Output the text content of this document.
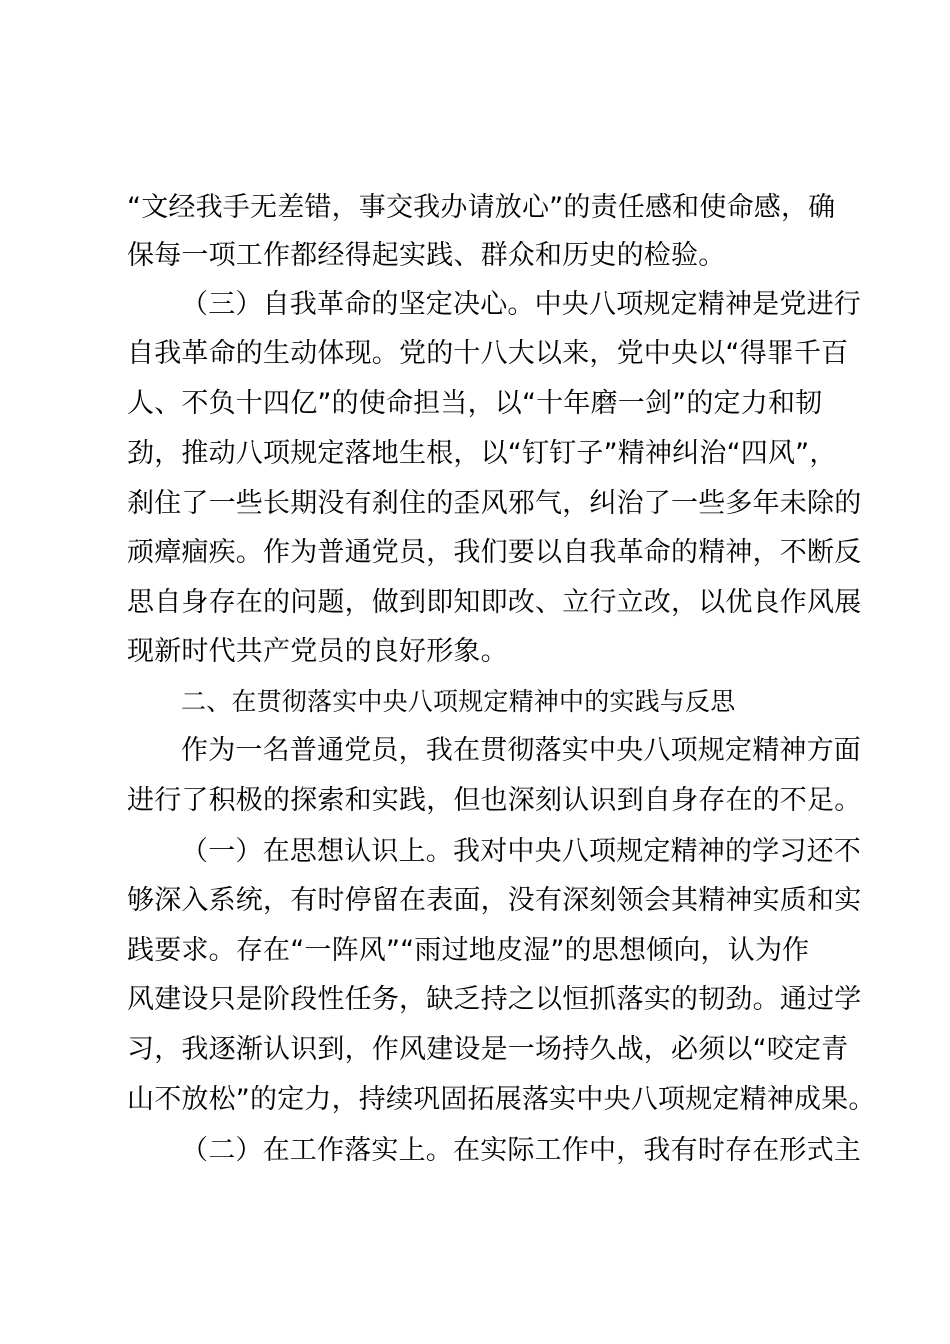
“文经我手无差错，事交我办请放心”的责任感和使命感，确
保每一项工作都经得起实践、群众和历史的检验。
（三）自我革命的坚定决心。中央八项规定精神是党进行
自我革命的生动体现。党的十八大以来，党中央以“得罪千百
人、不负十四亿”的使命担当，以“十年磨一剑”的定力和韧
劲，推动八项规定落地生根，以“钉钉子”精神纠治“四风”，
刹住了一些长期没有刹住的歪风邪气，纠治了一些多年未除的
顽瘴痼疾。作为普通党员，我们要以自我革命的精神，不断反
思自身存在的问题，做到即知即改、立行立改，以优良作风展
现新时代共产党员的良好形象。
二、在贯彻落实中央八项规定精神中的实践与反思
作为一名普通党员，我在贯彻落实中央八项规定精神方面
进行了积极的探索和实践，但也深刻认识到自身存在的不足。
（一）在思想认识上。我对中央八项规定精神的学习还不
够深入系统，有时停留在表面，没有深刻领会其精神实质和实
践要求。存在“一阵风”“雨过地皮湿”的思想倾向，认为作
风建设只是阶段性任务，缺乏持之以恒抓落实的韧劲。通过学
习，我逐渐认识到，作风建设是一场持久战，必须以“咬定青
山不放松”的定力，持续巩固拓展落实中央八项规定精神成果。
（二）在工作落实上。在实际工作中，我有时存在形式主
